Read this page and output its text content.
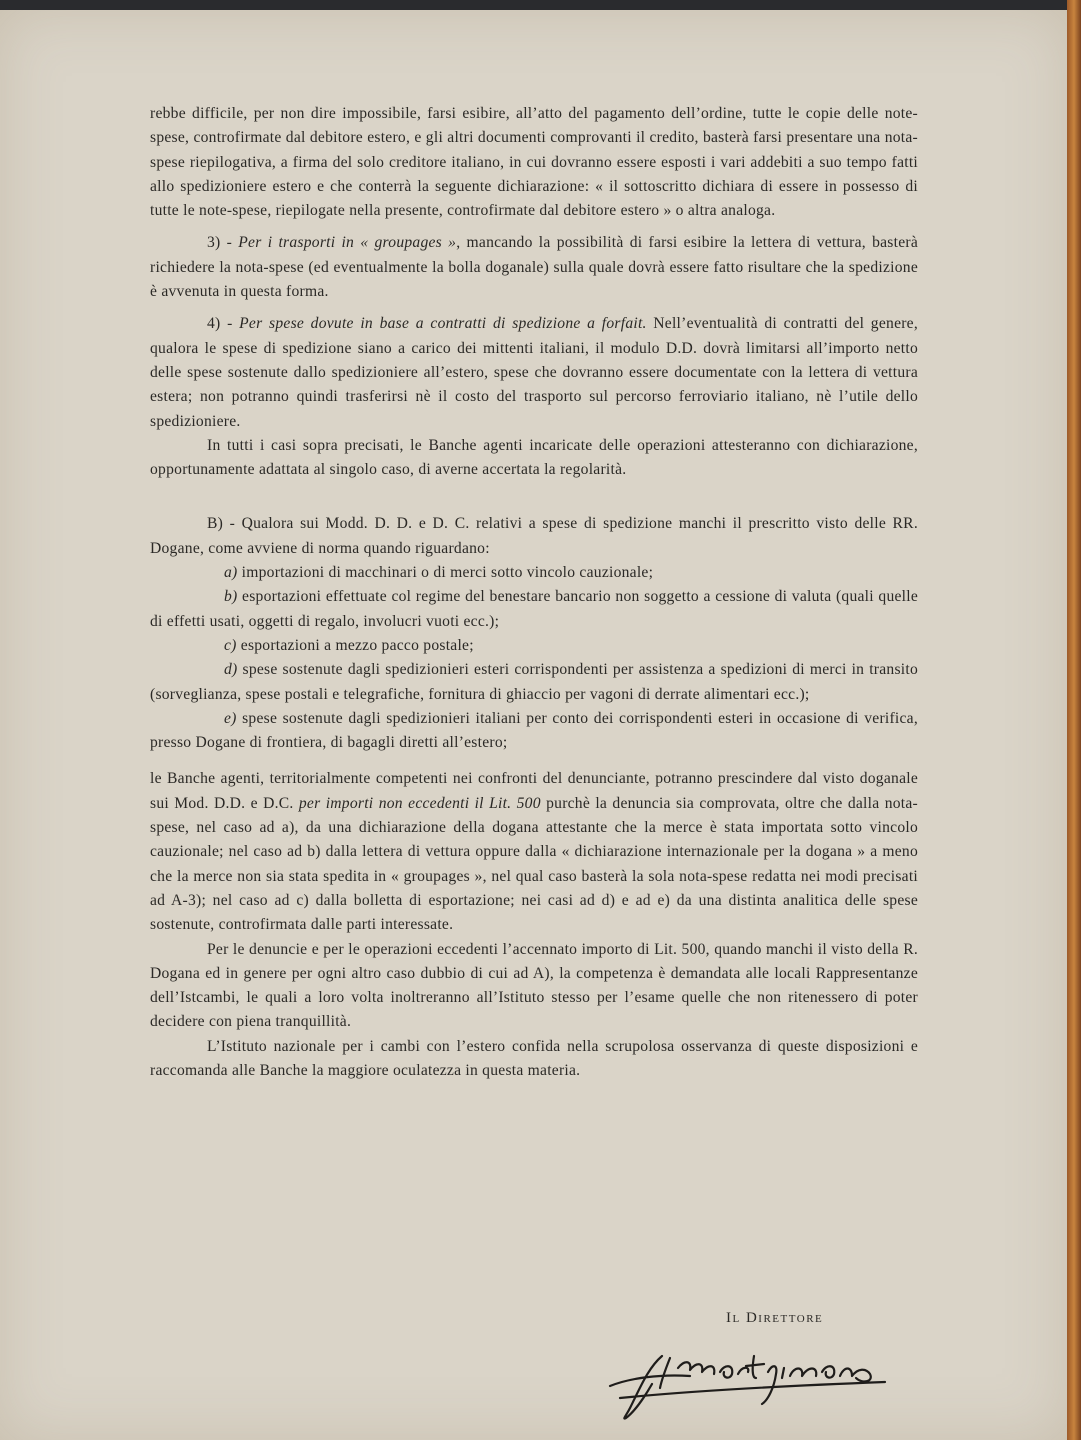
rebbe difficile, per non dire impossibile, farsi esibire, all’atto del pagamento dell’ordine, tutte le copie delle note-spese, controfirmate dal debitore estero, e gli altri documenti comprovanti il credito, basterà farsi presentare una nota-spese riepilogativa, a firma del solo creditore italiano, in cui dovranno essere esposti i vari addebiti a suo tempo fatti allo spedizioniere estero e che conterrà la seguente dichiarazione: « il sottoscritto dichiara di essere in possesso di tutte le note-spese, riepilogate nella presente, controfirmate dal debitore estero » o altra analoga.

3) - Per i trasporti in « groupages », mancando la possibilità di farsi esibire la lettera di vettura, basterà richiedere la nota-spese (ed eventualmente la bolla doganale) sulla quale dovrà essere fatto risultare che la spedizione è avvenuta in questa forma.

4) - Per spese dovute in base a contratti di spedizione a forfait. Nell’eventualità di contratti del genere, qualora le spese di spedizione siano a carico dei mittenti italiani, il modulo D.D. dovrà limitarsi all’importo netto delle spese sostenute dallo spedizioniere all’estero, spese che dovranno essere documentate con la lettera di vettura estera; non potranno quindi trasferirsi nè il costo del trasporto sul percorso ferroviario italiano, nè l’utile dello spedizioniere.

In tutti i casi sopra precisati, le Banche agenti incaricate delle operazioni attesteranno con dichiarazione, opportunamente adattata al singolo caso, di averne accertata la regolarità.

B) - Qualora sui Modd. D. D. e D. C. relativi a spese di spedizione manchi il prescritto visto delle RR. Dogane, come avviene di norma quando riguardano:

a) importazioni di macchinari o di merci sotto vincolo cauzionale;

b) esportazioni effettuate col regime del benestare bancario non soggetto a cessione di valuta (quali quelle di effetti usati, oggetti di regalo, involucri vuoti ecc.);

c) esportazioni a mezzo pacco postale;

d) spese sostenute dagli spedizionieri esteri corrispondenti per assistenza a spedizioni di merci in transito (sorveglianza, spese postali e telegrafiche, fornitura di ghiaccio per vagoni di derrate alimentari ecc.);

e) spese sostenute dagli spedizionieri italiani per conto dei corrispondenti esteri in occasione di verifica, presso Dogane di frontiera, di bagagli diretti all’estero;

le Banche agenti, territorialmente competenti nei confronti del denunciante, potranno prescindere dal visto doganale sui Mod. D.D. e D.C. per importi non eccedenti il Lit. 500 purchè la denuncia sia comprovata, oltre che dalla nota-spese, nel caso ad a), da una dichiarazione della dogana attestante che la merce è stata importata sotto vincolo cauzionale; nel caso ad b) dalla lettera di vettura oppure dalla « dichiarazione internazionale per la dogana » a meno che la merce non sia stata spedita in « groupages », nel qual caso basterà la sola nota-spese redatta nei modi precisati ad A-3); nel caso ad c) dalla bolletta di esportazione; nei casi ad d) e ad e) da una distinta analitica delle spese sostenute, controfirmata dalle parti interessate.

Per le denuncie e per le operazioni eccedenti l’accennato importo di Lit. 500, quando manchi il visto della R. Dogana ed in genere per ogni altro caso dubbio di cui ad A), la competenza è demandata alle locali Rappresentanze dell’Istcambi, le quali a loro volta inoltreranno all’Istituto stesso per l’esame quelle che non ritenessero di poter decidere con piena tranquillità.

L’Istituto nazionale per i cambi con l’estero confida nella scrupolosa osservanza di queste disposizioni e raccomanda alle Banche la maggiore oculatezza in questa materia.

Il Direttore
